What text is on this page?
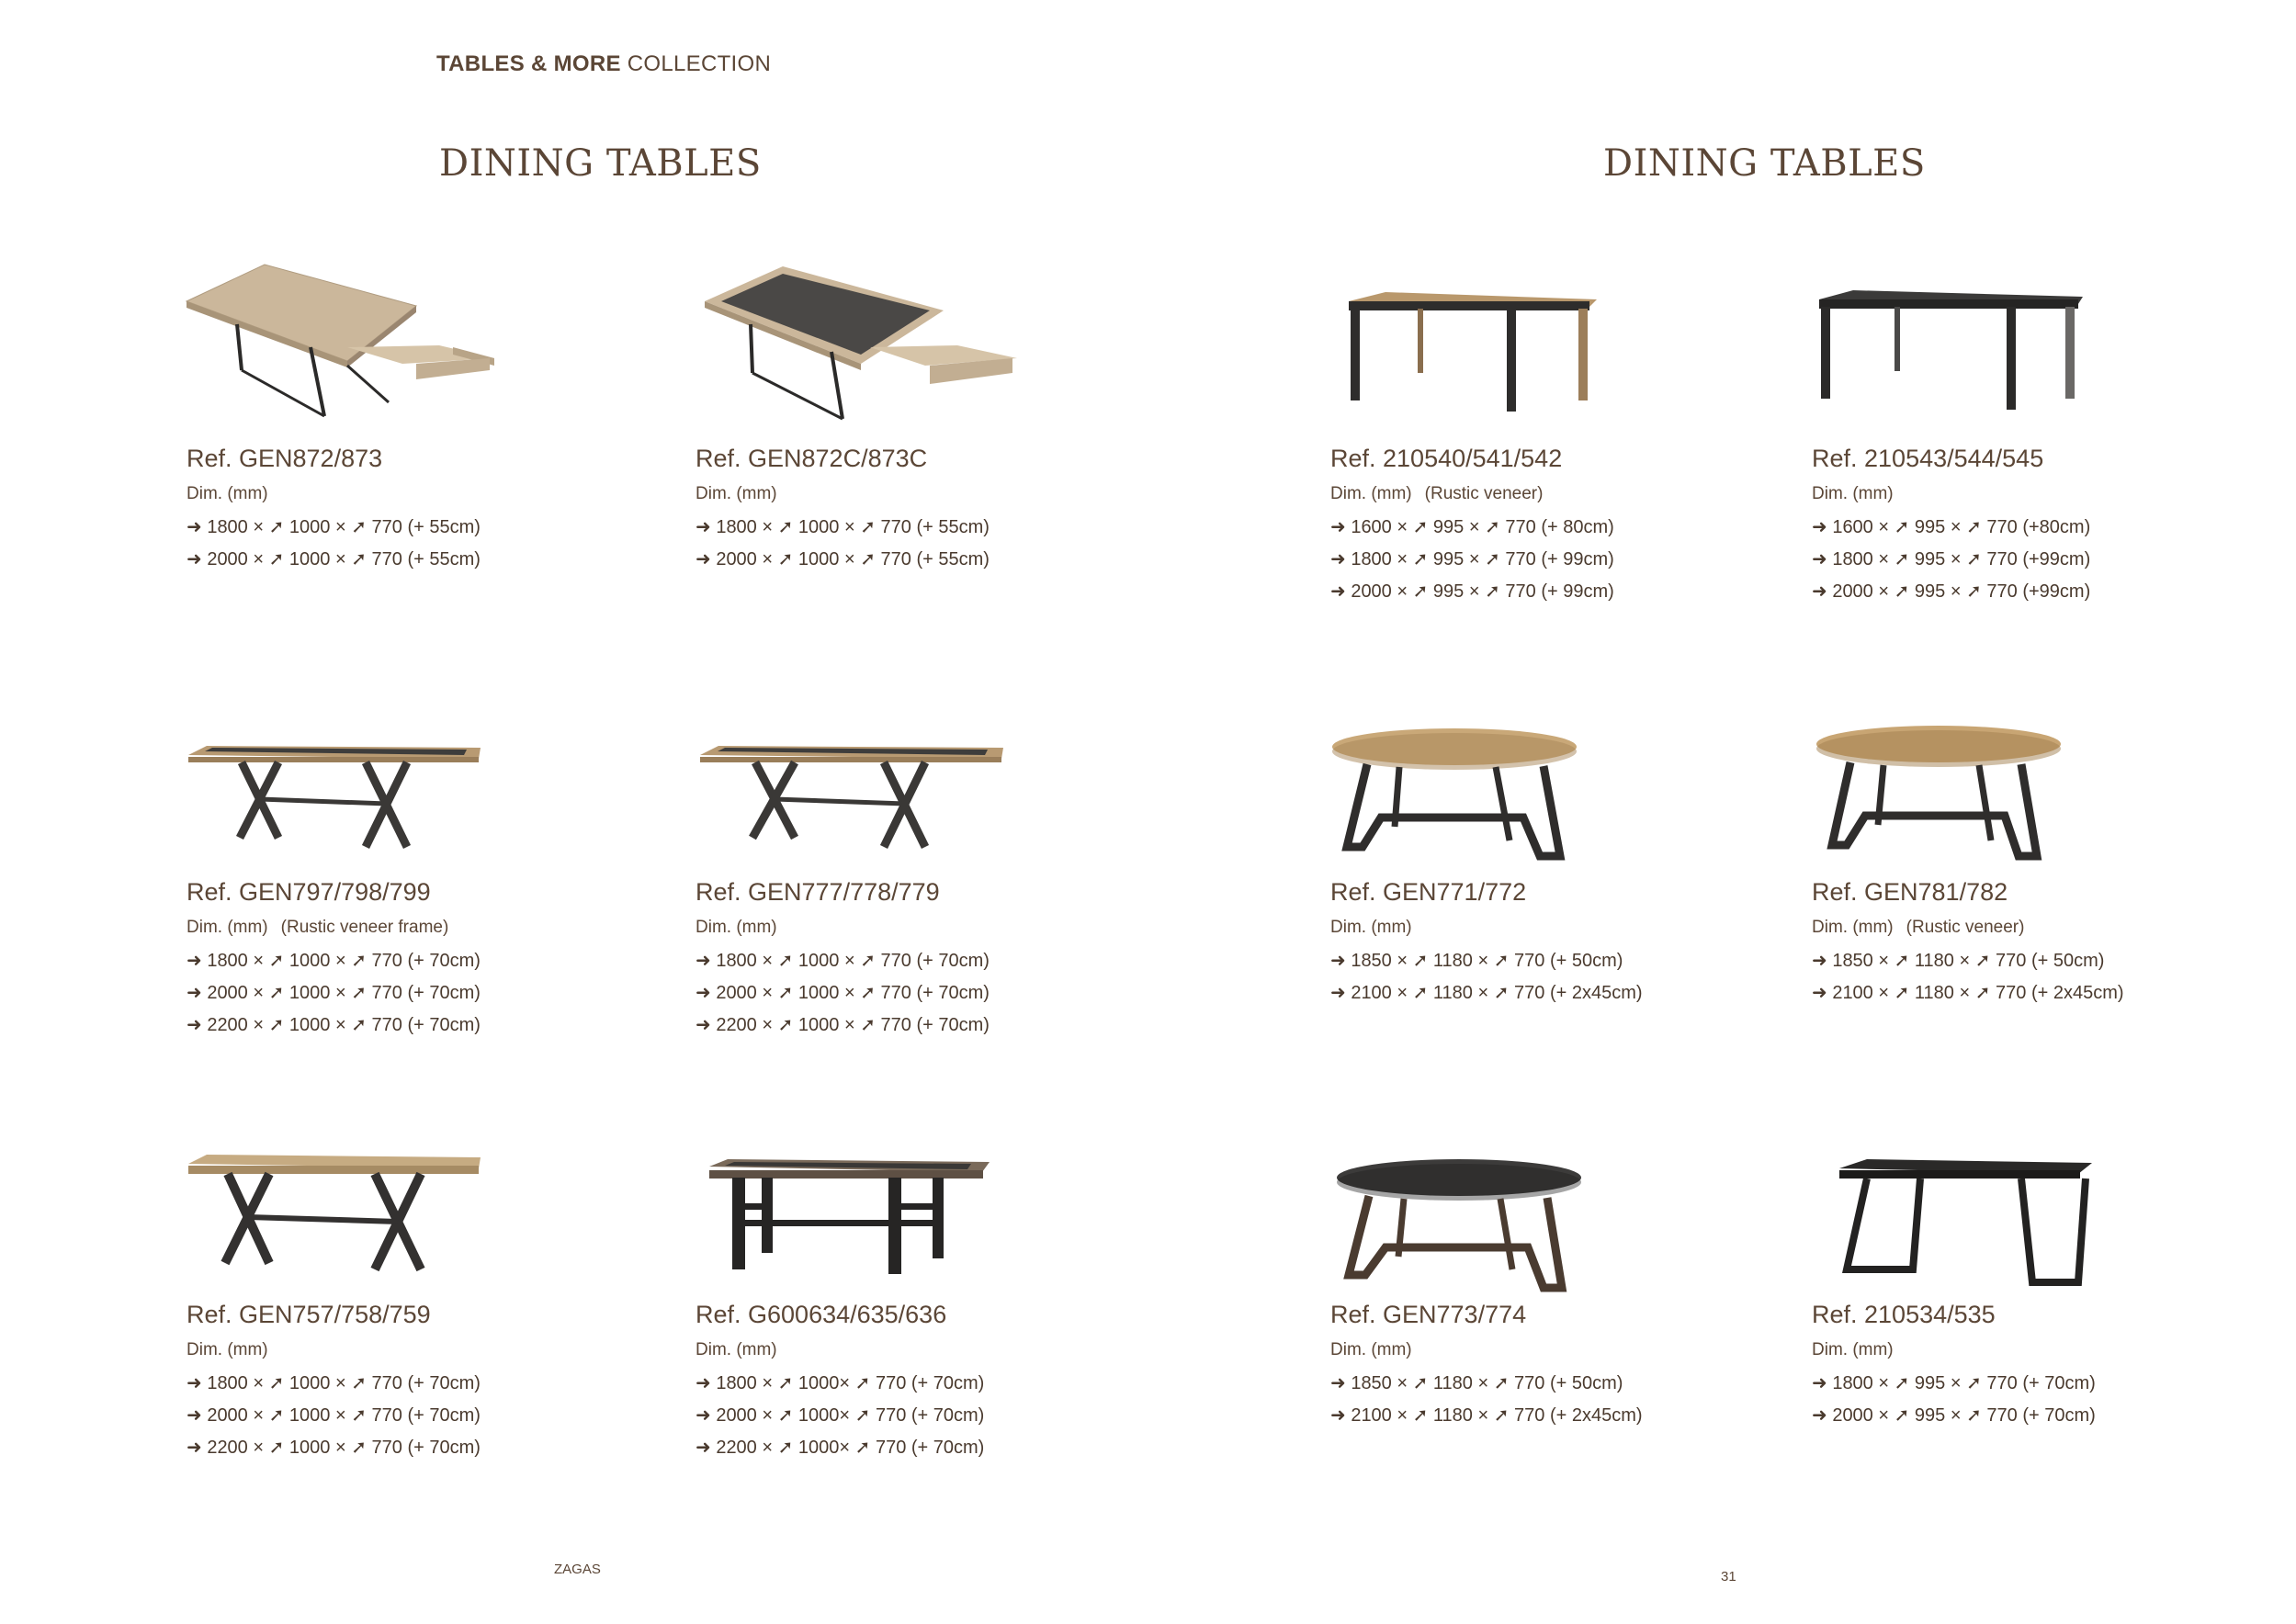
TABLES & MORE COLLECTION
DINING TABLES	DINING TABLES
Ref. GEN872/873
Dim. (mm)
➜ 1800 × ➚ 1000 × ➚ 770 (+ 55cm)
➜ 2000 × ➚ 1000 × ➚ 770 (+ 55cm)
Ref. GEN872C/873C
Dim. (mm)
➜ 1800 × ➚ 1000 × ➚ 770 (+ 55cm)
➜ 2000 × ➚ 1000 × ➚ 770 (+ 55cm)
Ref. 210540/541/542
Dim. (mm) (Rustic veneer)
➜ 1600 × ➚ 995 × ➚ 770 (+ 80cm)
➜ 1800 × ➚ 995 × ➚ 770 (+ 99cm)
➜ 2000 × ➚ 995 × ➚ 770 (+ 99cm)
Ref. 210543/544/545
Dim. (mm)
➜ 1600 × ➚ 995 × ➚ 770 (+80cm)
➜ 1800 × ➚ 995 × ➚ 770 (+99cm)
➜ 2000 × ➚ 995 × ➚ 770 (+99cm)
Ref. GEN797/798/799
Dim. (mm) (Rustic veneer frame)
➜ 1800 × ➚ 1000 × ➚ 770 (+ 70cm)
➜ 2000 × ➚ 1000 × ➚ 770 (+ 70cm)
➜ 2200 × ➚ 1000 × ➚ 770 (+ 70cm)
Ref. GEN777/778/779
Dim. (mm)
➜ 1800 × ➚ 1000 × ➚ 770 (+ 70cm)
➜ 2000 × ➚ 1000 × ➚ 770 (+ 70cm)
➜ 2200 × ➚ 1000 × ➚ 770 (+ 70cm)
Ref. GEN771/772
Dim. (mm)
➜ 1850 × ➚ 1180 × ➚ 770 (+ 50cm)
➜ 2100 × ➚ 1180 × ➚ 770 (+ 2x45cm)
Ref. GEN781/782
Dim. (mm) (Rustic veneer)
➜ 1850 × ➚ 1180 × ➚ 770 (+ 50cm)
➜ 2100 × ➚ 1180 × ➚ 770 (+ 2x45cm)
Ref. GEN757/758/759
Dim. (mm)
➜ 1800 × ➚ 1000 × ➚ 770 (+ 70cm)
➜ 2000 × ➚ 1000 × ➚ 770 (+ 70cm)
➜ 2200 × ➚ 1000 × ➚ 770 (+ 70cm)
Ref. G600634/635/636
Dim. (mm)
➜ 1800 × ➚ 1000× ➚ 770 (+ 70cm)
➜ 2000 × ➚ 1000× ➚ 770 (+ 70cm)
➜ 2200 × ➚ 1000× ➚ 770 (+ 70cm)
Ref. GEN773/774
Dim. (mm)
➜ 1850 × ➚ 1180 × ➚ 770 (+ 50cm)
➜ 2100 × ➚ 1180 × ➚ 770 (+ 2x45cm)
Ref. 210534/535
Dim. (mm)
➜ 1800 × ➚ 995 × ➚ 770 (+ 70cm)
➜ 2000 × ➚ 995 × ➚ 770 (+ 70cm)
ZAGAS	31
